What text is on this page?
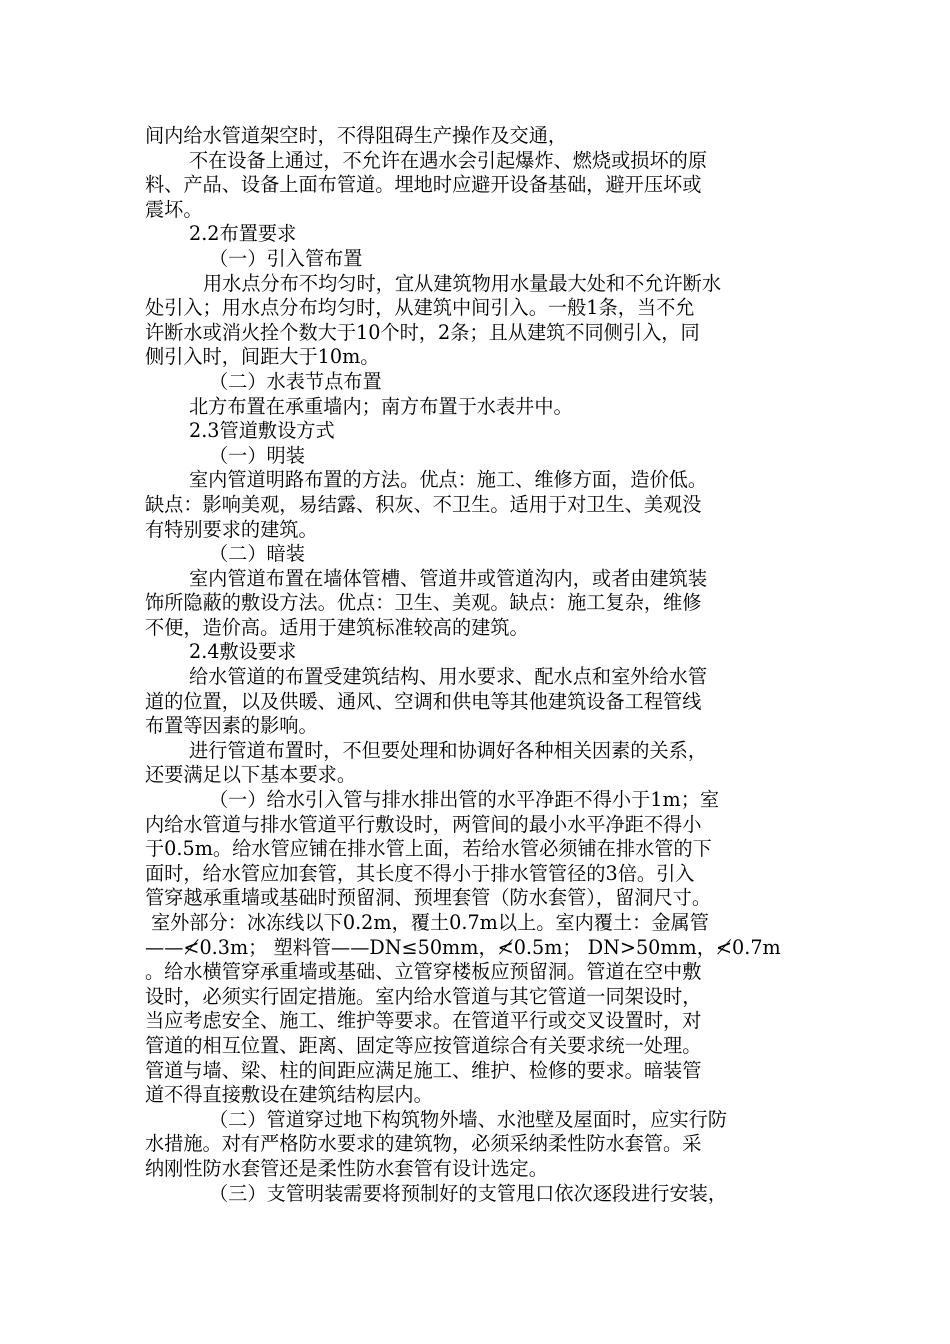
间内给水管道架空时，不得阻碍生产操作及交通，
不在设备上通过，不允许在遇水会引起爆炸、燃烧或损坏的原
料、产品、设备上面布管道。埋地时应避开设备基础，避开压坏或
震坏。
2.2布置要求
（一）引入管布置
用水点分布不均匀时，宜从建筑物用水量最大处和不允许断水
处引入；用水点分布均匀时，从建筑中间引入。一般1条，当不允
许断水或消火拴个数大于10个时，2条；且从建筑不同侧引入，同
侧引入时，间距大于10m。
（二）水表节点布置
北方布置在承重墙内；南方布置于水表井中。
2.3管道敷设方式
（一）明装
室内管道明路布置的方法。优点：施工、维修方面，造价低。
缺点：影响美观，易结露、积灰、不卫生。适用于对卫生、美观没
有特别要求的建筑。
（二）暗装
室内管道布置在墙体管槽、管道井或管道沟内，或者由建筑装
饰所隐蔽的敷设方法。优点：卫生、美观。缺点：施工复杂，维修
不便，造价高。适用于建筑标准较高的建筑。
2.4敷设要求
给水管道的布置受建筑结构、用水要求、配水点和室外给水管
道的位置，以及供暖、通风、空调和供电等其他建筑设备工程管线
布置等因素的影响。
进行管道布置时，不但要处理和协调好各种相关因素的关系，
还要满足以下基本要求。
（一）给水引入管与排水排出管的水平净距不得小于1m；室
内给水管道与排水管道平行敷设时，两管间的最小水平净距不得小
于0.5m。给水管应铺在排水管上面，若给水管必须铺在排水管的下
面时，给水管应加套管，其长度不得小于排水管管径的3倍。引入
管穿越承重墙或基础时预留洞、预埋套管（防水套管），留洞尺寸。
室外部分：冰冻线以下0.2m，覆土0.7m以上。室内覆土：金属管
——≮0.3m； 塑料管——DN≤50mm，≮0.5m； DN>50mm，≮0.7m
。给水横管穿承重墙或基础、立管穿楼板应预留洞。管道在空中敷
设时，必须实行固定措施。室内给水管道与其它管道一同架设时，
当应考虑安全、施工、维护等要求。在管道平行或交叉设置时，对
管道的相互位置、距离、固定等应按管道综合有关要求统一处理。
管道与墙、梁、柱的间距应满足施工、维护、检修的要求。暗装管
道不得直接敷设在建筑结构层内。
（二）管道穿过地下构筑物外墙、水池壁及屋面时，应实行防
水措施。对有严格防水要求的建筑物，必须采纳柔性防水套管。采
纳刚性防水套管还是柔性防水套管有设计选定。
（三）支管明装需要将预制好的支管甩口依次逐段进行安装，
